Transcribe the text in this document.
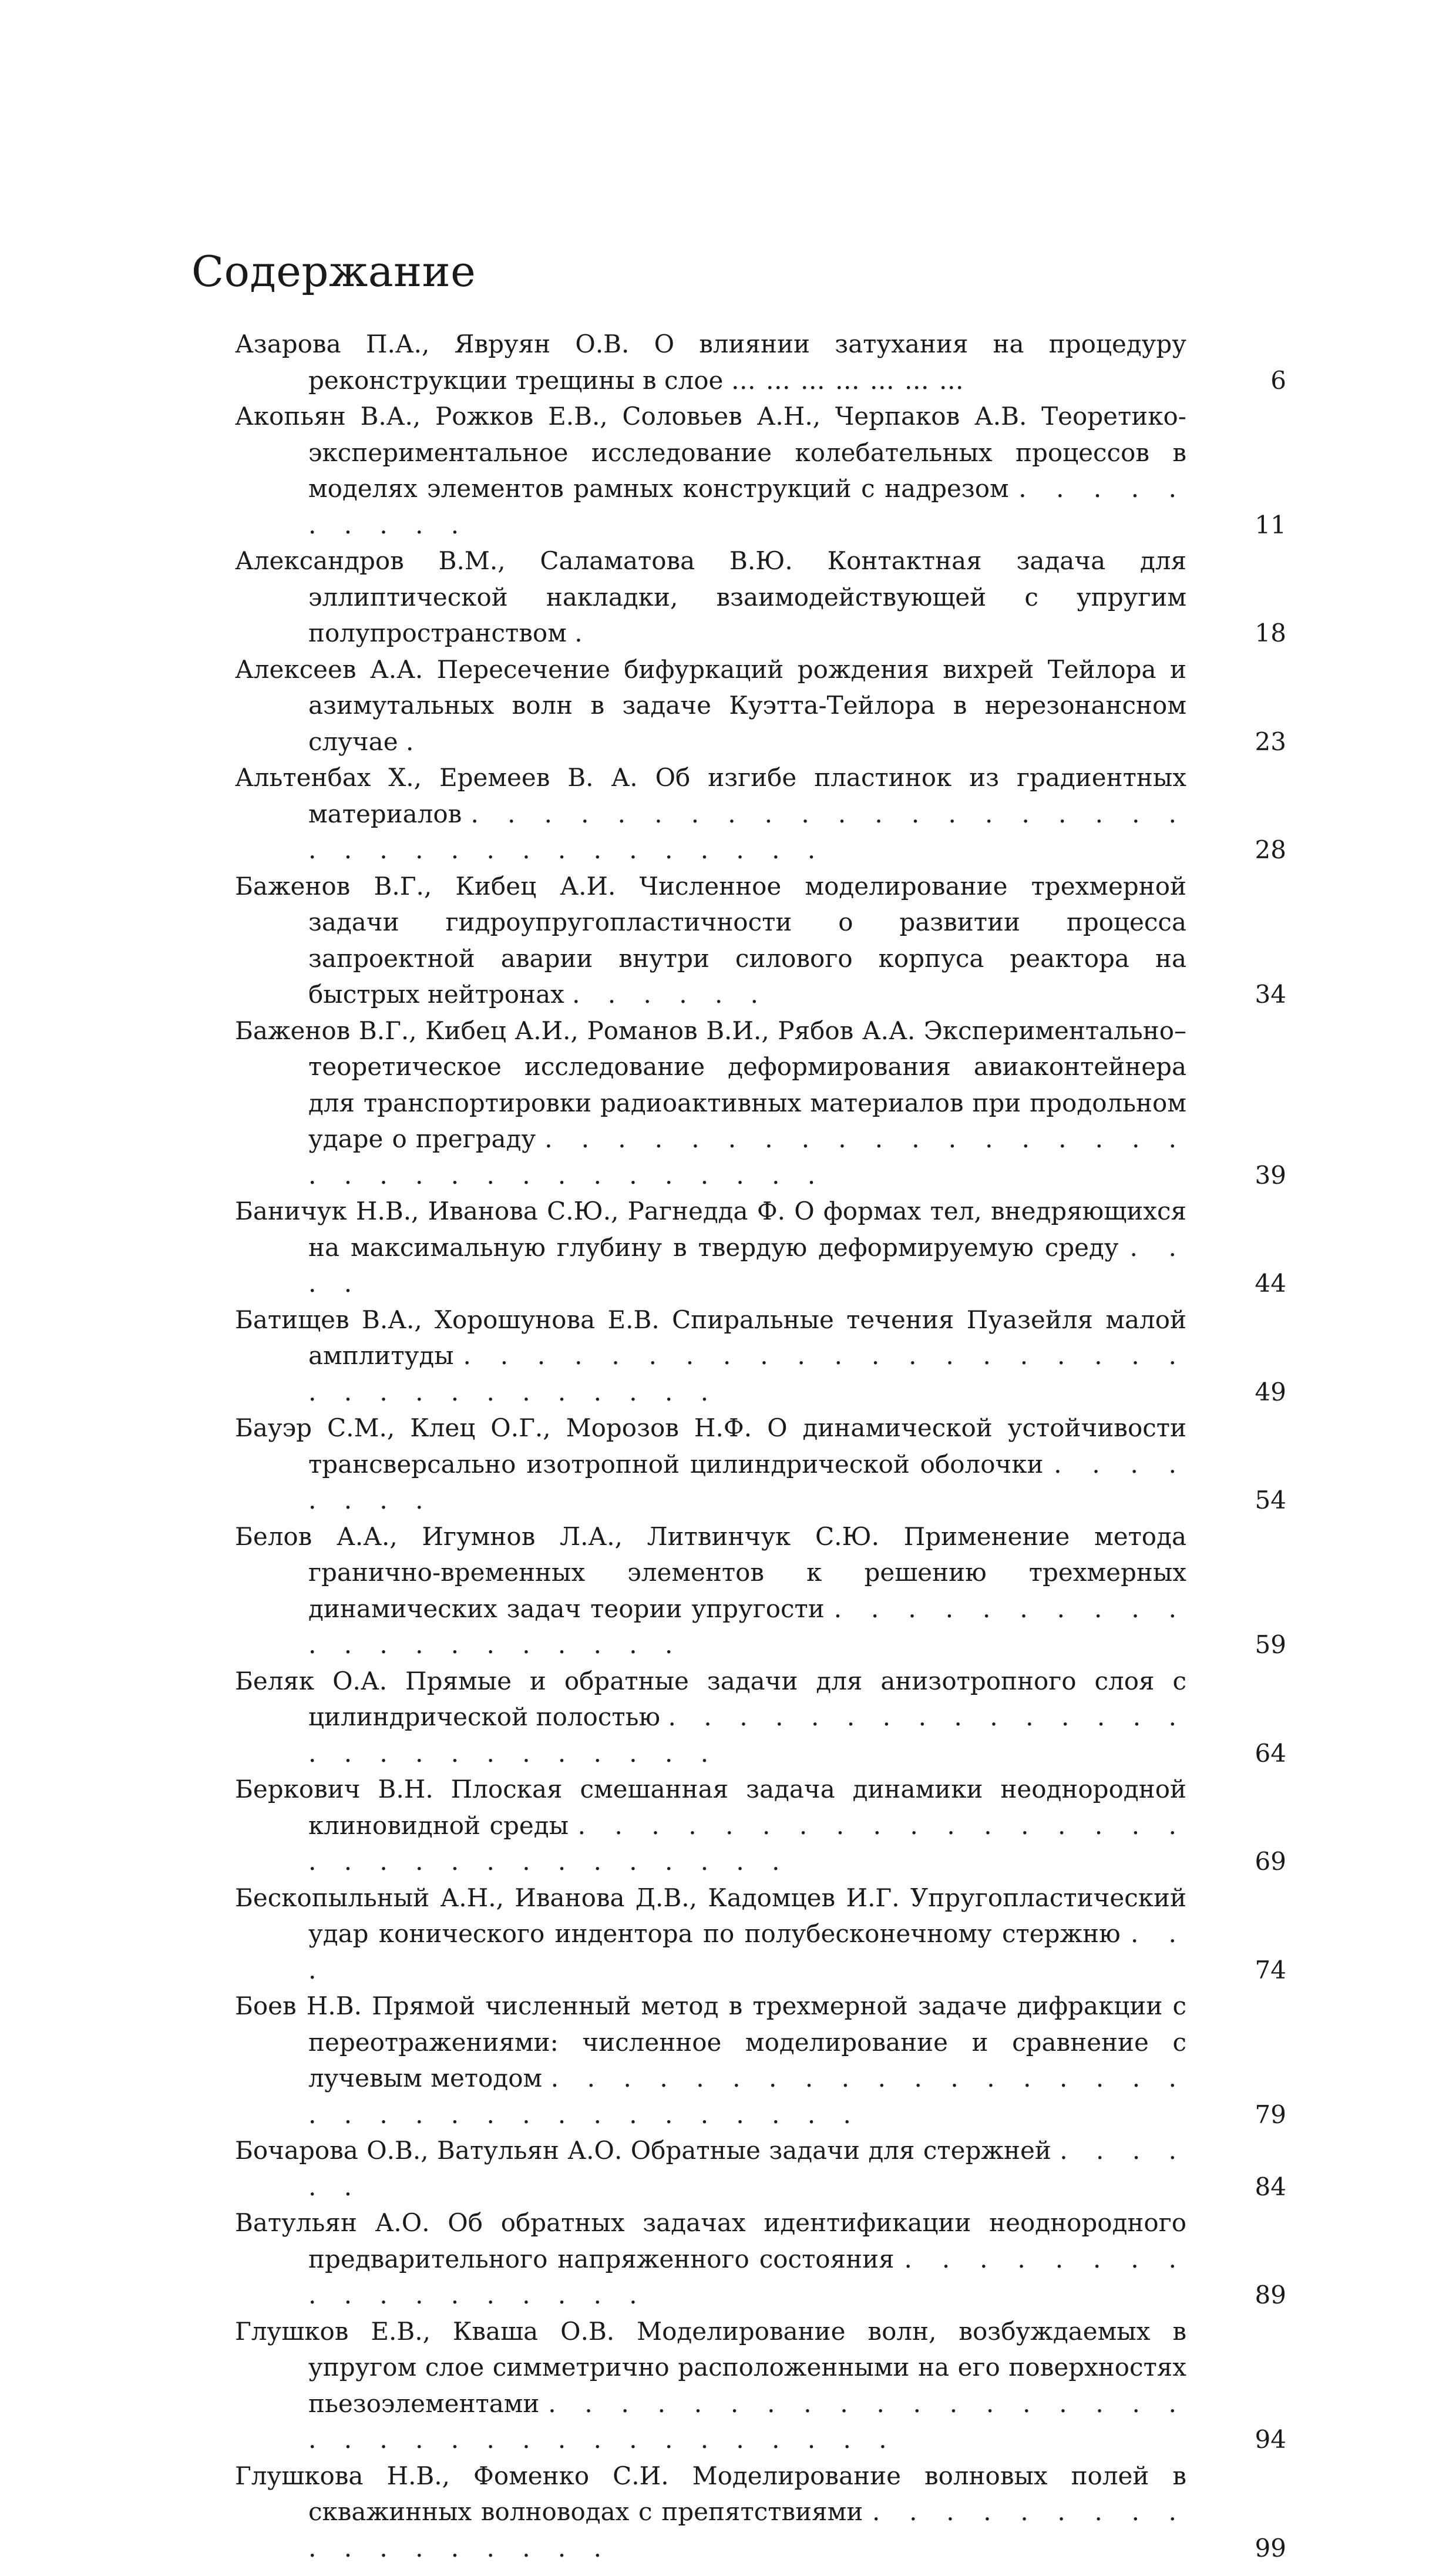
Содержание
Азарова П.А., Явруян О.В. О влиянии затухания на процедуру реконструкции трещины в слое …………………	6
Акопьян В.А., Рожков Е.В., Соловьев А.Н., Черпаков А.В. Теоретико-экспериментальное исследование колебательных процессов в моделях элементов рамных конструкций с надрезом . . . . . . . . . .	11
Александров В.М., Саламатова В.Ю. Контактная задача для эллиптической накладки, взаимодействующей с упругим полупространством .	18
Алексеев А.А. Пересечение бифуркаций рождения вихрей Тейлора и азимутальных волн в задаче Куэтта-Тейлора в нерезонансном случае .	23
Альтенбах Х., Еремеев В. А. Об изгибе пластинок из градиентных материалов . . . . . . . . . . . . . . . . . . . . . . . . . . . . . . . . . . .	28
Баженов В.Г., Кибец А.И. Численное моделирование трехмерной задачи гидроупругопластичности о развитии процесса запроектной аварии внутри силового корпуса реактора на быстрых нейтронах . . . . . .	34
Баженов В.Г., Кибец А.И., Романов В.И., Рябов А.А. Экспериментально–теоретическое исследование деформирования авиаконтейнера для транспортировки радиоактивных материалов при продольном ударе о преграду . . . . . . . . . . . . . . . . . . . . . . . . . . . . . . . . .	39
Баничук Н.В., Иванова С.Ю., Рагнедда Ф. О формах тел, внедряющихся на максимальную глубину в твердую деформируемую среду . . . .	44
Батищев В.А., Хорошунова Е.В. Спиральные течения Пуазейля малой амплитуды . . . . . . . . . . . . . . . . . . . . . . . . . . . . . . . .	49
Бауэр С.М., Клец О.Г., Морозов Н.Ф. О динамической устойчивости трансверсально изотропной цилиндрической оболочки . . . . . . . .	54
Белов А.А., Игумнов Л.А., Литвинчук С.Ю. Применение метода гранично-временных элементов к решению трехмерных динамических задач теории упругости . . . . . . . . . . . . . . . . . . . . .	59
Беляк О.А. Прямые и обратные задачи для анизотропного слоя с цилиндрической полостью . . . . . . . . . . . . . . . . . . . . . . . . . . .	64
Беркович В.Н. Плоская смешанная задача динамики неоднородной клиновидной среды . . . . . . . . . . . . . . . . . . . . . . . . . . . . . . .	69
Бескопыльный А.Н., Иванова Д.В., Кадомцев И.Г. Упругопластический удар конического индентора по полубесконечному стержню . . .	74
Боев Н.В. Прямой численный метод в трехмерной задаче дифракции с переотражениями: численное моделирование и сравнение с лучевым методом . . . . . . . . . . . . . . . . . . . . . . . . . . . . . . . . . .	79
Бочарова О.В., Ватульян А.О. Обратные задачи для стержней . . . . . .	84
Ватульян А.О. Об обратных задачах идентификации неоднородного предварительного напряженного состояния . . . . . . . . . . . . . . . . . .	89
Глушков Е.В., Кваша О.В. Моделирование волн, возбуждаемых в упругом слое симметрично расположенными на его поверхностях пьезоэлементами . . . . . . . . . . . . . . . . . . . . . . . . . . . . . . . . . . .	94
Глушкова Н.В., Фоменко С.И. Моделирование волновых полей в скважинных волноводах с препятствиями . . . . . . . . . . . . . . . . . .	99
